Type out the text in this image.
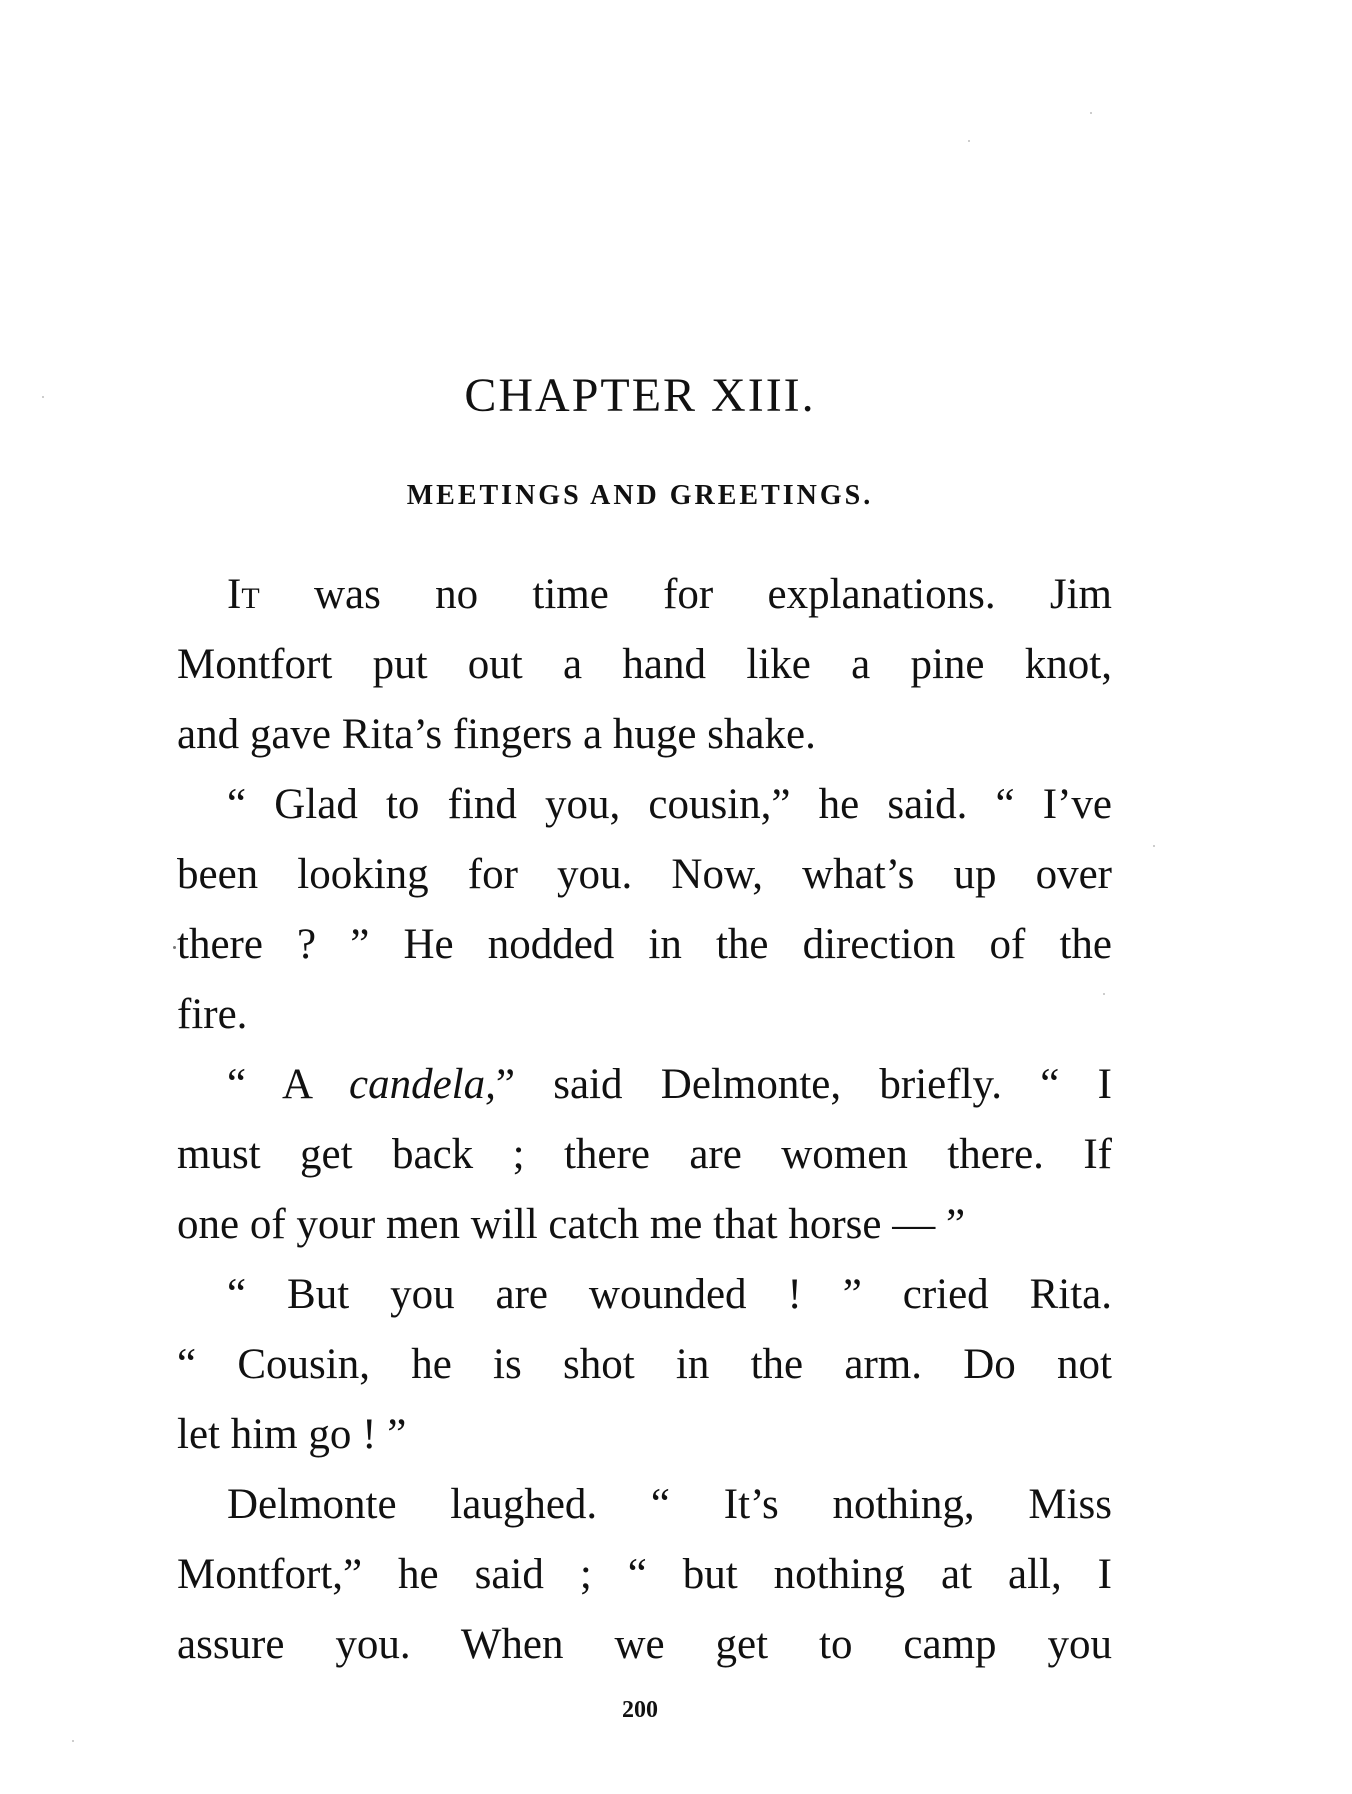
CHAPTER XIII.
MEETINGS AND GREETINGS.
It was no time for explanations. Jim
Montfort put out a hand like a pine knot,
and gave Rita’s fingers a huge shake.
“ Glad to find you, cousin,” he said. “ I’ve
been looking for you. Now, what’s up over
there ? ” He nodded in the direction of the
fire.
“ A candela,” said Delmonte, briefly. “ I
must get back ; there are women there. If
one of your men will catch me that horse — ”
“ But you are wounded ! ” cried Rita.
“ Cousin, he is shot in the arm. Do not
let him go ! ”
Delmonte laughed. “ It’s nothing, Miss
Montfort,” he said ; “ but nothing at all, I
assure you. When we get to camp you

200
